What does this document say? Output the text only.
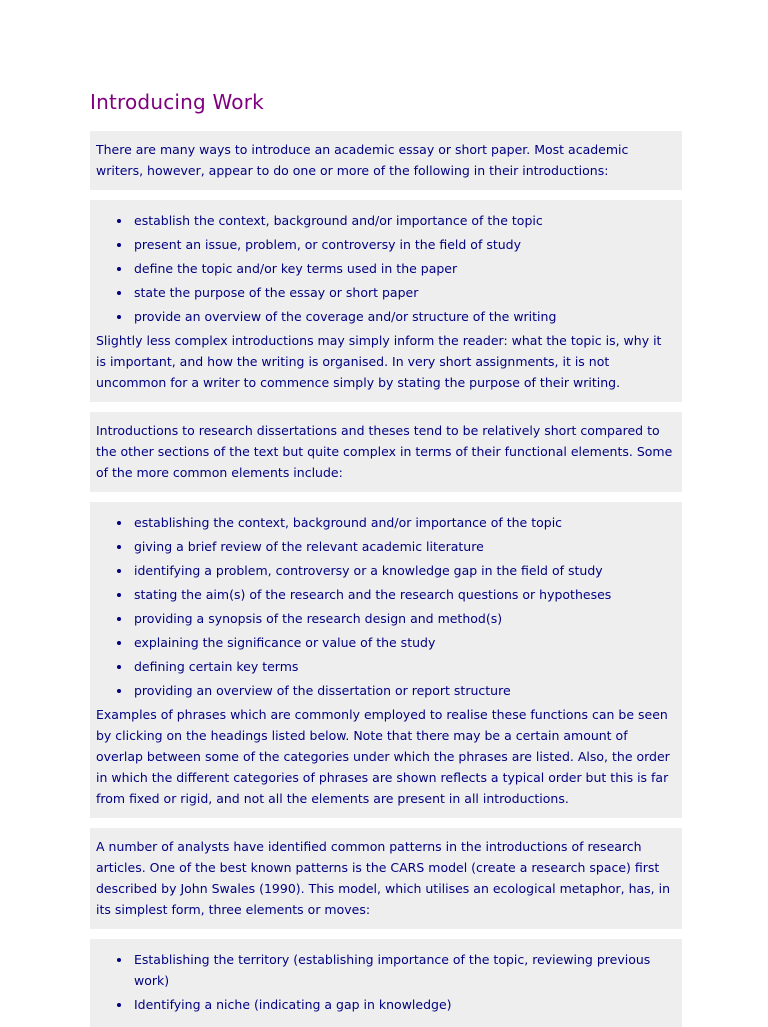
Introducing Work

There are many ways to introduce an academic essay or short paper. Most academic writers, however, appear to do one or more of the following in their introductions:

• establish the context, background and/or importance of the topic
• present an issue, problem, or controversy in the field of study
• define the topic and/or key terms used in the paper
• state the purpose of the essay or short paper
• provide an overview of the coverage and/or structure of the writing

Slightly less complex introductions may simply inform the reader: what the topic is, why it is important, and how the writing is organised. In very short assignments, it is not uncommon for a writer to commence simply by stating the purpose of their writing.

Introductions to research dissertations and theses tend to be relatively short compared to the other sections of the text but quite complex in terms of their functional elements. Some of the more common elements include:

• establishing the context, background and/or importance of the topic
• giving a brief review of the relevant academic literature
• identifying a problem, controversy or a knowledge gap in the field of study
• stating the aim(s) of the research and the research questions or hypotheses
• providing a synopsis of the research design and method(s)
• explaining the significance or value of the study
• defining certain key terms
• providing an overview of the dissertation or report structure

Examples of phrases which are commonly employed to realise these functions can be seen by clicking on the headings listed below. Note that there may be a certain amount of overlap between some of the categories under which the phrases are listed. Also, the order in which the different categories of phrases are shown reflects a typical order but this is far from fixed or rigid, and not all the elements are present in all introductions.

A number of analysts have identified common patterns in the introductions of research articles. One of the best known patterns is the CARS model (create a research space) first described by John Swales (1990). This model, which utilises an ecological metaphor, has, in its simplest form, three elements or moves:

• Establishing the territory (establishing importance of the topic, reviewing previous work)
• Identifying a niche (indicating a gap in knowledge)
